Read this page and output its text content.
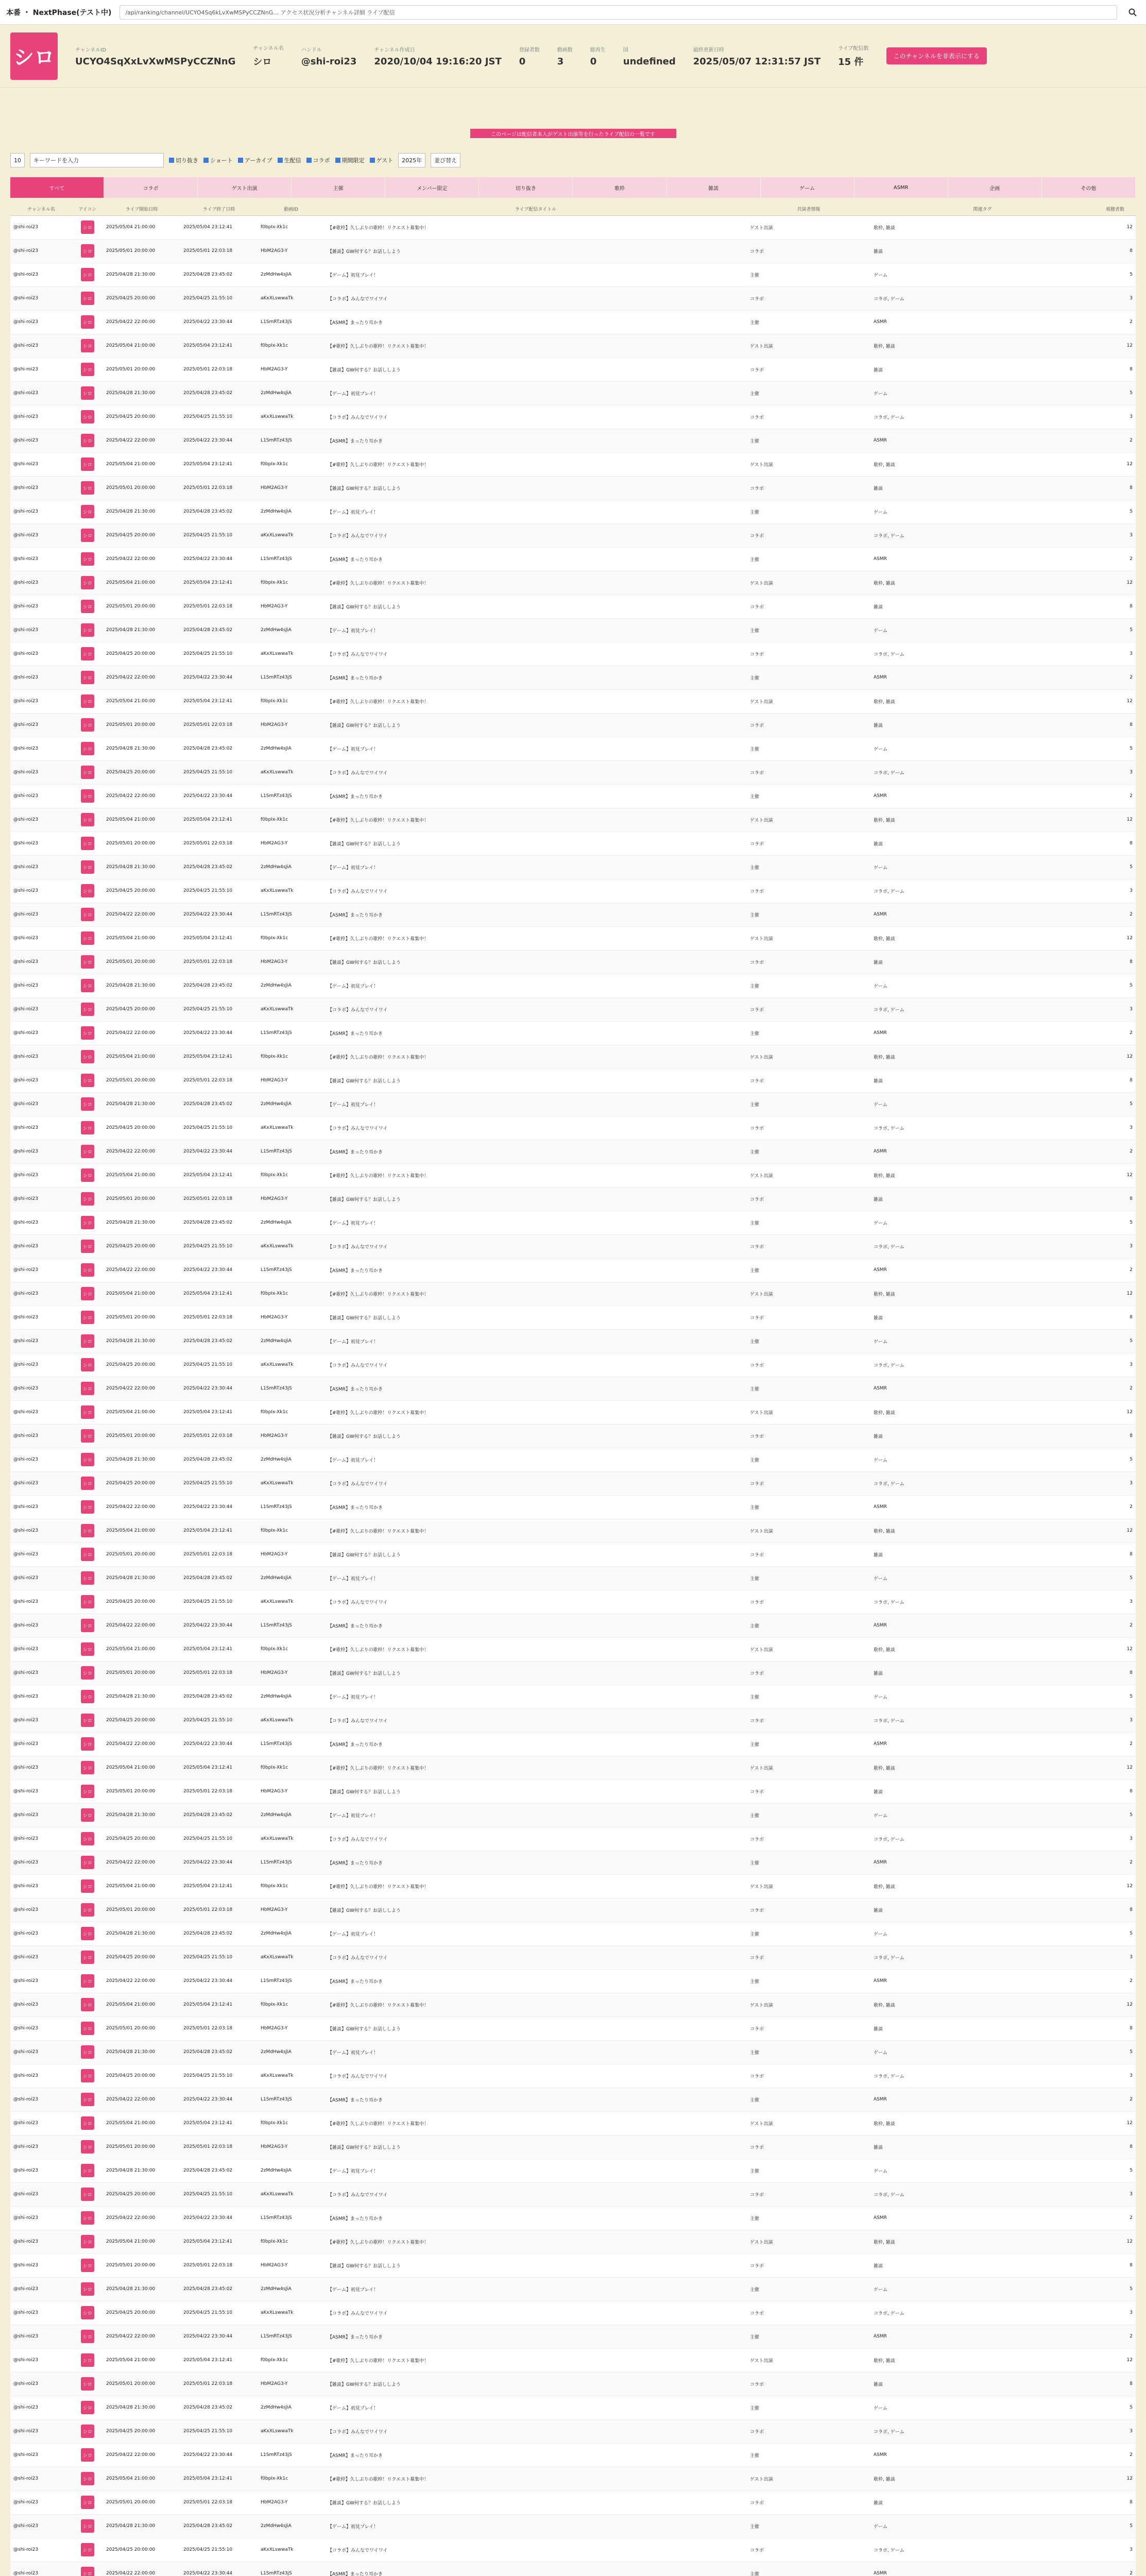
本番 ・ NextPhase(テスト中) /api/ranking/channel/UCYO4Sq6kLvXwMSPyCCZNnG… アクセス状況分析チャンネル詳細 ライブ配信
シロ	チャンネルID
UCYO4SqXxLvXwMSPyCCZNnG
チャンネル名
シロ
ハンドル
@shi-roi23
チャンネル作成日
2020/10/04 19:16:20 JST
登録者数
0
動画数
3
総再生
0
国
undefined
最終更新日時
2025/05/07 12:31:57 JST
ライブ配信数
15 件
このチャンネルを非表示にする
このページは配信者本人がゲスト出演等を行ったライブ配信の一覧です
10	キーワードを入力	切り抜き ショート アーカイブ 生配信 コラボ 期間限定 ゲスト	2025年	並び替え
すべて	コラボ	ゲスト出演	主催	メンバー限定	切り抜き	歌枠	雑談	ゲーム	ASMR	企画	その他
チャンネル名	アイコン	ライブ開始日時	ライブ終了日時	動画ID	ライブ配信タイトル	共演者情報	関連タグ	視聴者数
@shi-roi23	シロ	2025/05/04 21:00:00	2025/05/04 23:12:41	f0bpIx-Xk1c	【#歌枠】久しぶりの歌枠！リクエスト募集中！	ゲスト出演	歌枠, 雑談	12
@shi-roi23	シロ	2025/05/01 20:00:00	2025/05/01 22:03:18	HbM2AG3-Y	【雑談】GW何する？お話ししよう	コラボ	雑談	8
@shi-roi23	シロ	2025/04/28 21:30:00	2025/04/28 23:45:02	2zMdHw4sJiA	【ゲーム】初見プレイ！	主催	ゲーム	5
@shi-roi23	シロ	2025/04/25 20:00:00	2025/04/25 21:55:10	aKxXLswwaTk	【コラボ】みんなでワイワイ	コラボ	コラボ, ゲーム	3
@shi-roi23	シロ	2025/04/22 22:00:00	2025/04/22 23:30:44	L1SmRTz43jS	【ASMR】まったり耳かき	主催	ASMR	2
@shi-roi23	シロ	2025/05/04 21:00:00	2025/05/04 23:12:41	f0bpIx-Xk1c	【#歌枠】久しぶりの歌枠！リクエスト募集中！	ゲスト出演	歌枠, 雑談	12
@shi-roi23	シロ	2025/05/01 20:00:00	2025/05/01 22:03:18	HbM2AG3-Y	【雑談】GW何する？お話ししよう	コラボ	雑談	8
@shi-roi23	シロ	2025/04/28 21:30:00	2025/04/28 23:45:02	2zMdHw4sJiA	【ゲーム】初見プレイ！	主催	ゲーム	5
@shi-roi23	シロ	2025/04/25 20:00:00	2025/04/25 21:55:10	aKxXLswwaTk	【コラボ】みんなでワイワイ	コラボ	コラボ, ゲーム	3
@shi-roi23	シロ	2025/04/22 22:00:00	2025/04/22 23:30:44	L1SmRTz43jS	【ASMR】まったり耳かき	主催	ASMR	2
@shi-roi23	シロ	2025/05/04 21:00:00	2025/05/04 23:12:41	f0bpIx-Xk1c	【#歌枠】久しぶりの歌枠！リクエスト募集中！	ゲスト出演	歌枠, 雑談	12
@shi-roi23	シロ	2025/05/01 20:00:00	2025/05/01 22:03:18	HbM2AG3-Y	【雑談】GW何する？お話ししよう	コラボ	雑談	8
@shi-roi23	シロ	2025/04/28 21:30:00	2025/04/28 23:45:02	2zMdHw4sJiA	【ゲーム】初見プレイ！	主催	ゲーム	5
@shi-roi23	シロ	2025/04/25 20:00:00	2025/04/25 21:55:10	aKxXLswwaTk	【コラボ】みんなでワイワイ	コラボ	コラボ, ゲーム	3
@shi-roi23	シロ	2025/04/22 22:00:00	2025/04/22 23:30:44	L1SmRTz43jS	【ASMR】まったり耳かき	主催	ASMR	2
@shi-roi23	シロ	2025/05/04 21:00:00	2025/05/04 23:12:41	f0bpIx-Xk1c	【#歌枠】久しぶりの歌枠！リクエスト募集中！	ゲスト出演	歌枠, 雑談	12
@shi-roi23	シロ	2025/05/01 20:00:00	2025/05/01 22:03:18	HbM2AG3-Y	【雑談】GW何する？お話ししよう	コラボ	雑談	8
@shi-roi23	シロ	2025/04/28 21:30:00	2025/04/28 23:45:02	2zMdHw4sJiA	【ゲーム】初見プレイ！	主催	ゲーム	5
@shi-roi23	シロ	2025/04/25 20:00:00	2025/04/25 21:55:10	aKxXLswwaTk	【コラボ】みんなでワイワイ	コラボ	コラボ, ゲーム	3
@shi-roi23	シロ	2025/04/22 22:00:00	2025/04/22 23:30:44	L1SmRTz43jS	【ASMR】まったり耳かき	主催	ASMR	2
@shi-roi23	シロ	2025/05/04 21:00:00	2025/05/04 23:12:41	f0bpIx-Xk1c	【#歌枠】久しぶりの歌枠！リクエスト募集中！	ゲスト出演	歌枠, 雑談	12
@shi-roi23	シロ	2025/05/01 20:00:00	2025/05/01 22:03:18	HbM2AG3-Y	【雑談】GW何する？お話ししよう	コラボ	雑談	8
@shi-roi23	シロ	2025/04/28 21:30:00	2025/04/28 23:45:02	2zMdHw4sJiA	【ゲーム】初見プレイ！	主催	ゲーム	5
@shi-roi23	シロ	2025/04/25 20:00:00	2025/04/25 21:55:10	aKxXLswwaTk	【コラボ】みんなでワイワイ	コラボ	コラボ, ゲーム	3
@shi-roi23	シロ	2025/04/22 22:00:00	2025/04/22 23:30:44	L1SmRTz43jS	【ASMR】まったり耳かき	主催	ASMR	2
@shi-roi23	シロ	2025/05/04 21:00:00	2025/05/04 23:12:41	f0bpIx-Xk1c	【#歌枠】久しぶりの歌枠！リクエスト募集中！	ゲスト出演	歌枠, 雑談	12
@shi-roi23	シロ	2025/05/01 20:00:00	2025/05/01 22:03:18	HbM2AG3-Y	【雑談】GW何する？お話ししよう	コラボ	雑談	8
@shi-roi23	シロ	2025/04/28 21:30:00	2025/04/28 23:45:02	2zMdHw4sJiA	【ゲーム】初見プレイ！	主催	ゲーム	5
@shi-roi23	シロ	2025/04/25 20:00:00	2025/04/25 21:55:10	aKxXLswwaTk	【コラボ】みんなでワイワイ	コラボ	コラボ, ゲーム	3
@shi-roi23	シロ	2025/04/22 22:00:00	2025/04/22 23:30:44	L1SmRTz43jS	【ASMR】まったり耳かき	主催	ASMR	2
@shi-roi23	シロ	2025/05/04 21:00:00	2025/05/04 23:12:41	f0bpIx-Xk1c	【#歌枠】久しぶりの歌枠！リクエスト募集中！	ゲスト出演	歌枠, 雑談	12
@shi-roi23	シロ	2025/05/01 20:00:00	2025/05/01 22:03:18	HbM2AG3-Y	【雑談】GW何する？お話ししよう	コラボ	雑談	8
@shi-roi23	シロ	2025/04/28 21:30:00	2025/04/28 23:45:02	2zMdHw4sJiA	【ゲーム】初見プレイ！	主催	ゲーム	5
@shi-roi23	シロ	2025/04/25 20:00:00	2025/04/25 21:55:10	aKxXLswwaTk	【コラボ】みんなでワイワイ	コラボ	コラボ, ゲーム	3
@shi-roi23	シロ	2025/04/22 22:00:00	2025/04/22 23:30:44	L1SmRTz43jS	【ASMR】まったり耳かき	主催	ASMR	2
@shi-roi23	シロ	2025/05/04 21:00:00	2025/05/04 23:12:41	f0bpIx-Xk1c	【#歌枠】久しぶりの歌枠！リクエスト募集中！	ゲスト出演	歌枠, 雑談	12
@shi-roi23	シロ	2025/05/01 20:00:00	2025/05/01 22:03:18	HbM2AG3-Y	【雑談】GW何する？お話ししよう	コラボ	雑談	8
@shi-roi23	シロ	2025/04/28 21:30:00	2025/04/28 23:45:02	2zMdHw4sJiA	【ゲーム】初見プレイ！	主催	ゲーム	5
@shi-roi23	シロ	2025/04/25 20:00:00	2025/04/25 21:55:10	aKxXLswwaTk	【コラボ】みんなでワイワイ	コラボ	コラボ, ゲーム	3
@shi-roi23	シロ	2025/04/22 22:00:00	2025/04/22 23:30:44	L1SmRTz43jS	【ASMR】まったり耳かき	主催	ASMR	2
@shi-roi23	シロ	2025/05/04 21:00:00	2025/05/04 23:12:41	f0bpIx-Xk1c	【#歌枠】久しぶりの歌枠！リクエスト募集中！	ゲスト出演	歌枠, 雑談	12
@shi-roi23	シロ	2025/05/01 20:00:00	2025/05/01 22:03:18	HbM2AG3-Y	【雑談】GW何する？お話ししよう	コラボ	雑談	8
@shi-roi23	シロ	2025/04/28 21:30:00	2025/04/28 23:45:02	2zMdHw4sJiA	【ゲーム】初見プレイ！	主催	ゲーム	5
@shi-roi23	シロ	2025/04/25 20:00:00	2025/04/25 21:55:10	aKxXLswwaTk	【コラボ】みんなでワイワイ	コラボ	コラボ, ゲーム	3
@shi-roi23	シロ	2025/04/22 22:00:00	2025/04/22 23:30:44	L1SmRTz43jS	【ASMR】まったり耳かき	主催	ASMR	2
@shi-roi23	シロ	2025/05/04 21:00:00	2025/05/04 23:12:41	f0bpIx-Xk1c	【#歌枠】久しぶりの歌枠！リクエスト募集中！	ゲスト出演	歌枠, 雑談	12
@shi-roi23	シロ	2025/05/01 20:00:00	2025/05/01 22:03:18	HbM2AG3-Y	【雑談】GW何する？お話ししよう	コラボ	雑談	8
@shi-roi23	シロ	2025/04/28 21:30:00	2025/04/28 23:45:02	2zMdHw4sJiA	【ゲーム】初見プレイ！	主催	ゲーム	5
@shi-roi23	シロ	2025/04/25 20:00:00	2025/04/25 21:55:10	aKxXLswwaTk	【コラボ】みんなでワイワイ	コラボ	コラボ, ゲーム	3
@shi-roi23	シロ	2025/04/22 22:00:00	2025/04/22 23:30:44	L1SmRTz43jS	【ASMR】まったり耳かき	主催	ASMR	2
@shi-roi23	シロ	2025/05/04 21:00:00	2025/05/04 23:12:41	f0bpIx-Xk1c	【#歌枠】久しぶりの歌枠！リクエスト募集中！	ゲスト出演	歌枠, 雑談	12
@shi-roi23	シロ	2025/05/01 20:00:00	2025/05/01 22:03:18	HbM2AG3-Y	【雑談】GW何する？お話ししよう	コラボ	雑談	8
@shi-roi23	シロ	2025/04/28 21:30:00	2025/04/28 23:45:02	2zMdHw4sJiA	【ゲーム】初見プレイ！	主催	ゲーム	5
@shi-roi23	シロ	2025/04/25 20:00:00	2025/04/25 21:55:10	aKxXLswwaTk	【コラボ】みんなでワイワイ	コラボ	コラボ, ゲーム	3
@shi-roi23	シロ	2025/04/22 22:00:00	2025/04/22 23:30:44	L1SmRTz43jS	【ASMR】まったり耳かき	主催	ASMR	2
@shi-roi23	シロ	2025/05/04 21:00:00	2025/05/04 23:12:41	f0bpIx-Xk1c	【#歌枠】久しぶりの歌枠！リクエスト募集中！	ゲスト出演	歌枠, 雑談	12
@shi-roi23	シロ	2025/05/01 20:00:00	2025/05/01 22:03:18	HbM2AG3-Y	【雑談】GW何する？お話ししよう	コラボ	雑談	8
@shi-roi23	シロ	2025/04/28 21:30:00	2025/04/28 23:45:02	2zMdHw4sJiA	【ゲーム】初見プレイ！	主催	ゲーム	5
@shi-roi23	シロ	2025/04/25 20:00:00	2025/04/25 21:55:10	aKxXLswwaTk	【コラボ】みんなでワイワイ	コラボ	コラボ, ゲーム	3
@shi-roi23	シロ	2025/04/22 22:00:00	2025/04/22 23:30:44	L1SmRTz43jS	【ASMR】まったり耳かき	主催	ASMR	2
@shi-roi23	シロ	2025/05/04 21:00:00	2025/05/04 23:12:41	f0bpIx-Xk1c	【#歌枠】久しぶりの歌枠！リクエスト募集中！	ゲスト出演	歌枠, 雑談	12
@shi-roi23	シロ	2025/05/01 20:00:00	2025/05/01 22:03:18	HbM2AG3-Y	【雑談】GW何する？お話ししよう	コラボ	雑談	8
@shi-roi23	シロ	2025/04/28 21:30:00	2025/04/28 23:45:02	2zMdHw4sJiA	【ゲーム】初見プレイ！	主催	ゲーム	5
@shi-roi23	シロ	2025/04/25 20:00:00	2025/04/25 21:55:10	aKxXLswwaTk	【コラボ】みんなでワイワイ	コラボ	コラボ, ゲーム	3
@shi-roi23	シロ	2025/04/22 22:00:00	2025/04/22 23:30:44	L1SmRTz43jS	【ASMR】まったり耳かき	主催	ASMR	2
@shi-roi23	シロ	2025/05/04 21:00:00	2025/05/04 23:12:41	f0bpIx-Xk1c	【#歌枠】久しぶりの歌枠！リクエスト募集中！	ゲスト出演	歌枠, 雑談	12
@shi-roi23	シロ	2025/05/01 20:00:00	2025/05/01 22:03:18	HbM2AG3-Y	【雑談】GW何する？お話ししよう	コラボ	雑談	8
@shi-roi23	シロ	2025/04/28 21:30:00	2025/04/28 23:45:02	2zMdHw4sJiA	【ゲーム】初見プレイ！	主催	ゲーム	5
@shi-roi23	シロ	2025/04/25 20:00:00	2025/04/25 21:55:10	aKxXLswwaTk	【コラボ】みんなでワイワイ	コラボ	コラボ, ゲーム	3
@shi-roi23	シロ	2025/04/22 22:00:00	2025/04/22 23:30:44	L1SmRTz43jS	【ASMR】まったり耳かき	主催	ASMR	2
@shi-roi23	シロ	2025/05/04 21:00:00	2025/05/04 23:12:41	f0bpIx-Xk1c	【#歌枠】久しぶりの歌枠！リクエスト募集中！	ゲスト出演	歌枠, 雑談	12
@shi-roi23	シロ	2025/05/01 20:00:00	2025/05/01 22:03:18	HbM2AG3-Y	【雑談】GW何する？お話ししよう	コラボ	雑談	8
@shi-roi23	シロ	2025/04/28 21:30:00	2025/04/28 23:45:02	2zMdHw4sJiA	【ゲーム】初見プレイ！	主催	ゲーム	5
@shi-roi23	シロ	2025/04/25 20:00:00	2025/04/25 21:55:10	aKxXLswwaTk	【コラボ】みんなでワイワイ	コラボ	コラボ, ゲーム	3
@shi-roi23	シロ	2025/04/22 22:00:00	2025/04/22 23:30:44	L1SmRTz43jS	【ASMR】まったり耳かき	主催	ASMR	2
@shi-roi23	シロ	2025/05/04 21:00:00	2025/05/04 23:12:41	f0bpIx-Xk1c	【#歌枠】久しぶりの歌枠！リクエスト募集中！	ゲスト出演	歌枠, 雑談	12
@shi-roi23	シロ	2025/05/01 20:00:00	2025/05/01 22:03:18	HbM2AG3-Y	【雑談】GW何する？お話ししよう	コラボ	雑談	8
@shi-roi23	シロ	2025/04/28 21:30:00	2025/04/28 23:45:02	2zMdHw4sJiA	【ゲーム】初見プレイ！	主催	ゲーム	5
@shi-roi23	シロ	2025/04/25 20:00:00	2025/04/25 21:55:10	aKxXLswwaTk	【コラボ】みんなでワイワイ	コラボ	コラボ, ゲーム	3
@shi-roi23	シロ	2025/04/22 22:00:00	2025/04/22 23:30:44	L1SmRTz43jS	【ASMR】まったり耳かき	主催	ASMR	2
@shi-roi23	シロ	2025/05/04 21:00:00	2025/05/04 23:12:41	f0bpIx-Xk1c	【#歌枠】久しぶりの歌枠！リクエスト募集中！	ゲスト出演	歌枠, 雑談	12
@shi-roi23	シロ	2025/05/01 20:00:00	2025/05/01 22:03:18	HbM2AG3-Y	【雑談】GW何する？お話ししよう	コラボ	雑談	8
@shi-roi23	シロ	2025/04/28 21:30:00	2025/04/28 23:45:02	2zMdHw4sJiA	【ゲーム】初見プレイ！	主催	ゲーム	5
@shi-roi23	シロ	2025/04/25 20:00:00	2025/04/25 21:55:10	aKxXLswwaTk	【コラボ】みんなでワイワイ	コラボ	コラボ, ゲーム	3
@shi-roi23	シロ	2025/04/22 22:00:00	2025/04/22 23:30:44	L1SmRTz43jS	【ASMR】まったり耳かき	主催	ASMR	2
@shi-roi23	シロ	2025/05/04 21:00:00	2025/05/04 23:12:41	f0bpIx-Xk1c	【#歌枠】久しぶりの歌枠！リクエスト募集中！	ゲスト出演	歌枠, 雑談	12
@shi-roi23	シロ	2025/05/01 20:00:00	2025/05/01 22:03:18	HbM2AG3-Y	【雑談】GW何する？お話ししよう	コラボ	雑談	8
@shi-roi23	シロ	2025/04/28 21:30:00	2025/04/28 23:45:02	2zMdHw4sJiA	【ゲーム】初見プレイ！	主催	ゲーム	5
@shi-roi23	シロ	2025/04/25 20:00:00	2025/04/25 21:55:10	aKxXLswwaTk	【コラボ】みんなでワイワイ	コラボ	コラボ, ゲーム	3
@shi-roi23	シロ	2025/04/22 22:00:00	2025/04/22 23:30:44	L1SmRTz43jS	【ASMR】まったり耳かき	主催	ASMR	2
@shi-roi23	シロ	2025/05/04 21:00:00	2025/05/04 23:12:41	f0bpIx-Xk1c	【#歌枠】久しぶりの歌枠！リクエスト募集中！	ゲスト出演	歌枠, 雑談	12
@shi-roi23	シロ	2025/05/01 20:00:00	2025/05/01 22:03:18	HbM2AG3-Y	【雑談】GW何する？お話ししよう	コラボ	雑談	8
@shi-roi23	シロ	2025/04/28 21:30:00	2025/04/28 23:45:02	2zMdHw4sJiA	【ゲーム】初見プレイ！	主催	ゲーム	5
@shi-roi23	シロ	2025/04/25 20:00:00	2025/04/25 21:55:10	aKxXLswwaTk	【コラボ】みんなでワイワイ	コラボ	コラボ, ゲーム	3
@shi-roi23	シロ	2025/04/22 22:00:00	2025/04/22 23:30:44	L1SmRTz43jS	【ASMR】まったり耳かき	主催	ASMR	2
@shi-roi23	シロ	2025/05/04 21:00:00	2025/05/04 23:12:41	f0bpIx-Xk1c	【#歌枠】久しぶりの歌枠！リクエスト募集中！	ゲスト出演	歌枠, 雑談	12
@shi-roi23	シロ	2025/05/01 20:00:00	2025/05/01 22:03:18	HbM2AG3-Y	【雑談】GW何する？お話ししよう	コラボ	雑談	8
@shi-roi23	シロ	2025/04/28 21:30:00	2025/04/28 23:45:02	2zMdHw4sJiA	【ゲーム】初見プレイ！	主催	ゲーム	5
@shi-roi23	シロ	2025/04/25 20:00:00	2025/04/25 21:55:10	aKxXLswwaTk	【コラボ】みんなでワイワイ	コラボ	コラボ, ゲーム	3
@shi-roi23	シロ	2025/04/22 22:00:00	2025/04/22 23:30:44	L1SmRTz43jS	【ASMR】まったり耳かき	主催	ASMR	2
